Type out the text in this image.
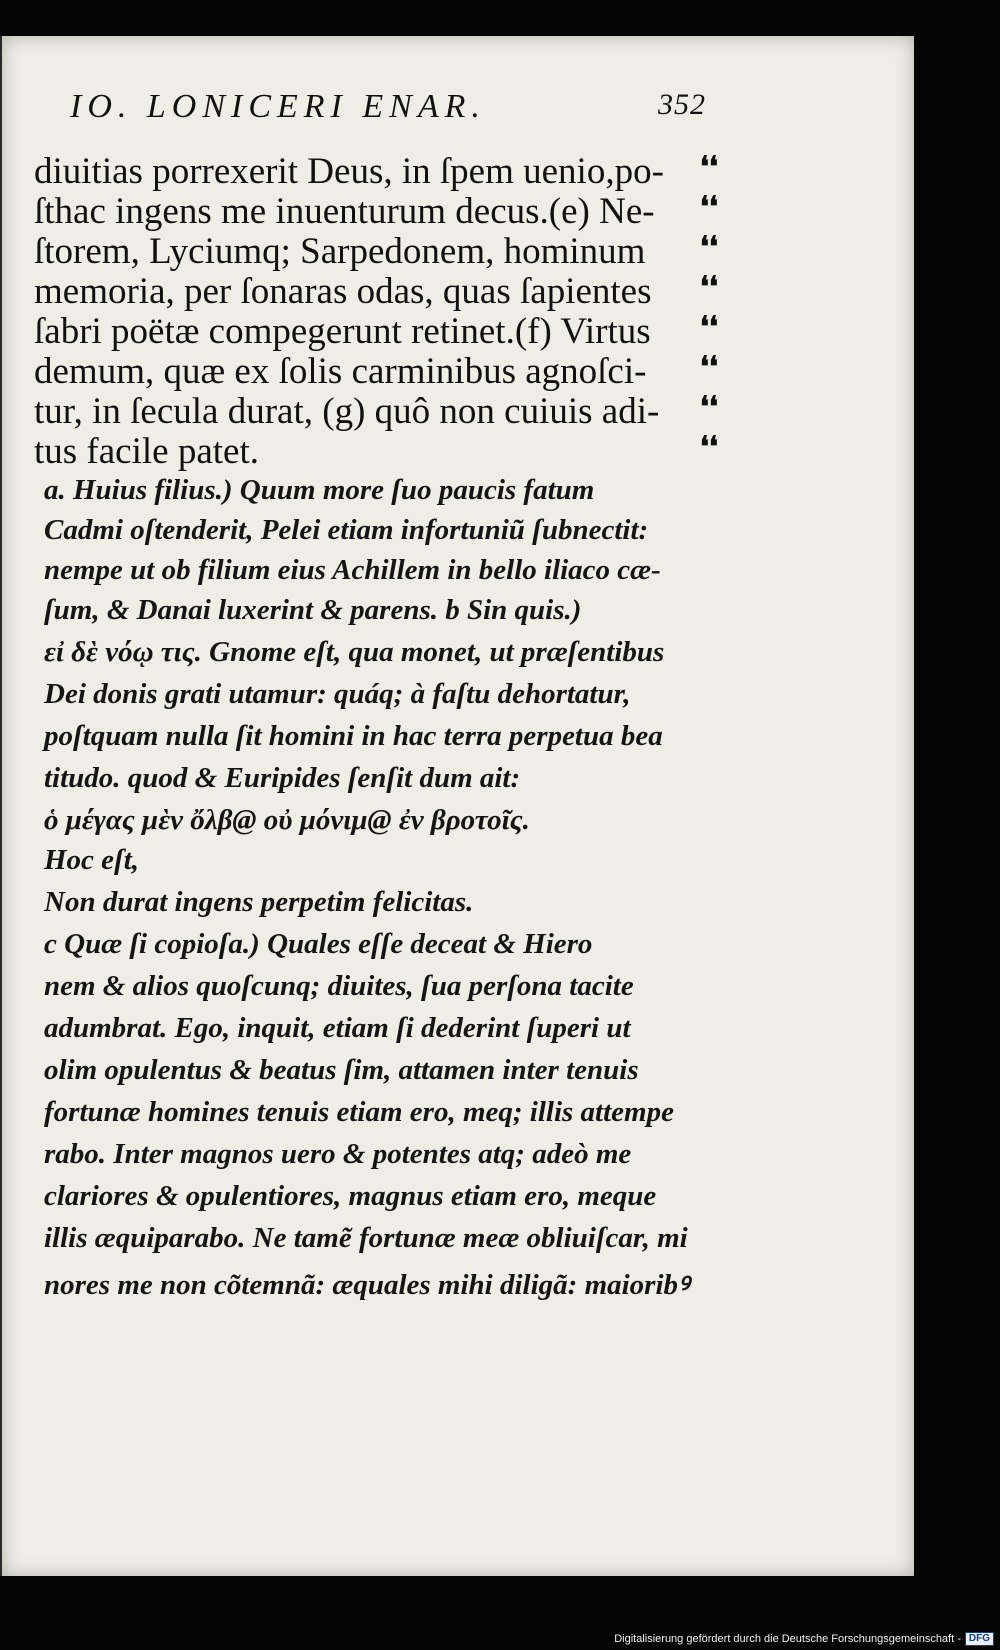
IO. LONICERI ENAR.	352
diuitias porrexerit Deus, in ſpem uenio,po-
ſthac ingens me inuenturum decus.(e) Ne-
ſtorem, Lyciumq; Sarpedonem, hominum
memoria, per ſonaras odas, quas ſapientes
ſabri poëtæ compegerunt retinet.(f) Virtus
demum, quæ ex ſolis carminibus agnoſci-
tur, in ſecula durat, (g) quô non cuiuis adi-
tus facile patet.
❛❛
❛❛
❛❛
❛❛
❛❛
❛❛
❛❛
❛❛
a. Huius filius.) Quum more ſuo paucis fatum
Cadmi oſtenderit, Pelei etiam infortuniũ ſubnectit:
nempe ut ob filium eius Achillem in bello iliaco cæ-
ſum, & Danai luxerint & parens. b Sin quis.)
εἰ δὲ νόῳ τις. Gnome eſt, qua monet, ut præſentibus
Dei donis grati utamur: quáq; à faſtu dehortatur,
poſtquam nulla ſit homini in hac terra perpetua bea
titudo. quod & Euripides ſenſit dum ait:
ὁ μέγας μὲν ὄλβ@ οὐ μόνιμ@ ἐν βροτοῖς.
Hoc eſt,
Non durat ingens perpetim felicitas.
c Quæ ſi copioſa.) Quales eſſe deceat & Hiero
nem & alios quoſcunq; diuites, ſua perſona tacite
adumbrat. Ego, inquit, etiam ſi dederint ſuperi ut
olim opulentus & beatus ſim, attamen inter tenuis
fortunæ homines tenuis etiam ero, meq; illis attempe
rabo. Inter magnos uero & potentes atq; adeò me
clariores & opulentiores, magnus etiam ero, meque
illis æquiparabo. Ne tamẽ fortunæ meæ obliuiſcar, mi
nores me non cõtemnã: æquales mihi diligã: maioribꝰ
Digitalisierung gefördert durch die Deutsche Forschungsgemeinschaft - DFG
